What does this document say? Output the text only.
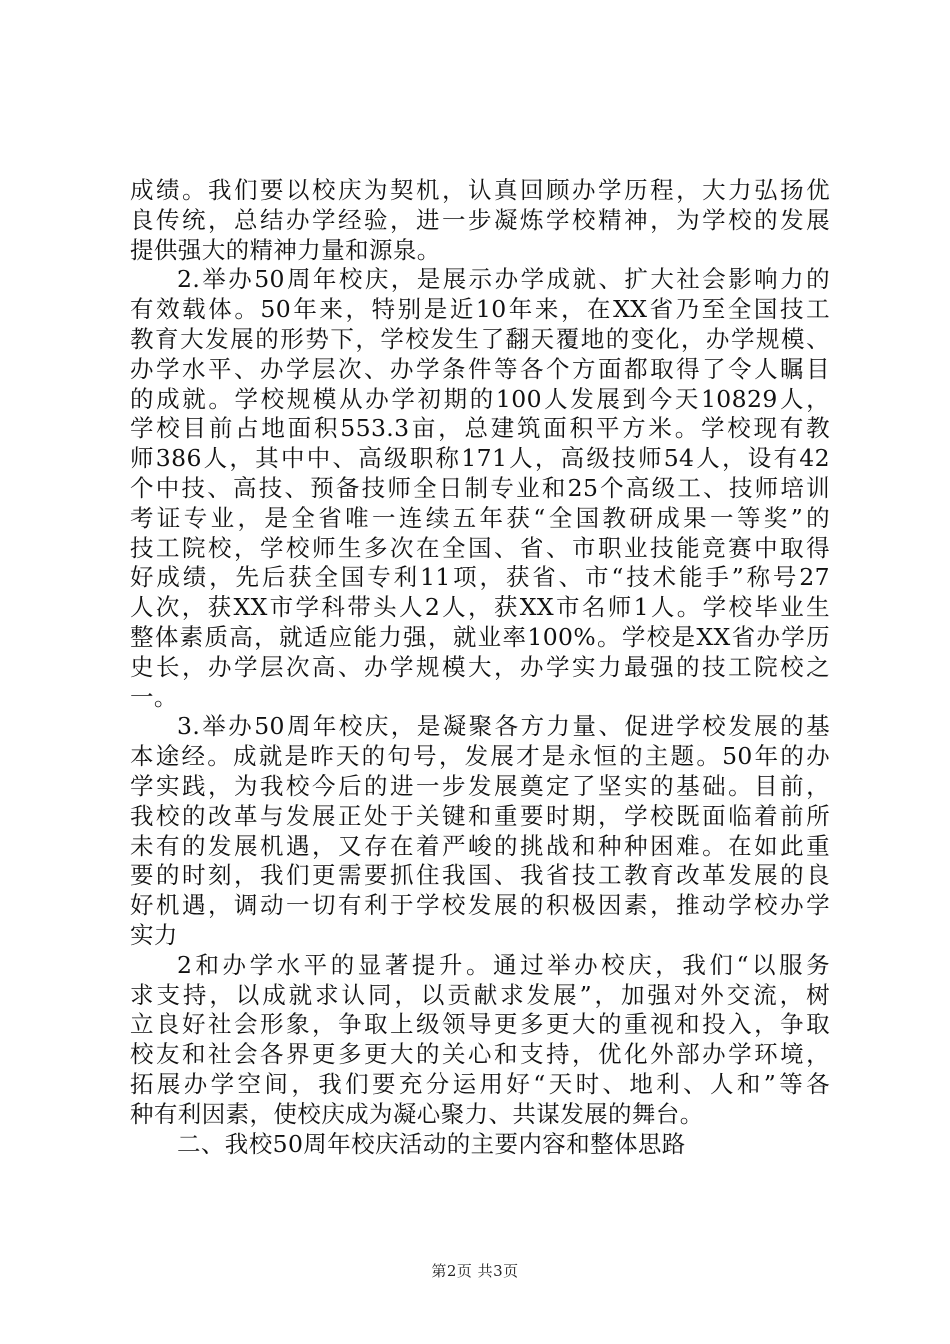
成绩。我们要以校庆为契机，认真回顾办学历程，大力弘扬优
良传统，总结办学经验，进一步凝炼学校精神，为学校的发展
提供强大的精神力量和源泉。
2.举办50周年校庆，是展示办学成就、扩大社会影响力的
有效载体。50年来，特别是近10年来，在XX省乃至全国技工
教育大发展的形势下，学校发生了翻天覆地的变化，办学规模、
办学水平、办学层次、办学条件等各个方面都取得了令人瞩目
的成就。学校规模从办学初期的100人发展到今天10829人，
学校目前占地面积553.3亩，总建筑面积平方米。学校现有教
师386人，其中中、高级职称171人，高级技师54人，设有42
个中技、高技、预备技师全日制专业和25个高级工、技师培训
考证专业，是全省唯一连续五年获“全国教研成果一等奖”的
技工院校，学校师生多次在全国、省、市职业技能竞赛中取得
好成绩，先后获全国专利11项，获省、市“技术能手”称号27
人次，获XX市学科带头人2人，获XX市名师1人。学校毕业生
整体素质高，就适应能力强，就业率100%。学校是XX省办学历
史长，办学层次高、办学规模大，办学实力最强的技工院校之
一。
3.举办50周年校庆，是凝聚各方力量、促进学校发展的基
本途经。成就是昨天的句号，发展才是永恒的主题。50年的办
学实践，为我校今后的进一步发展奠定了坚实的基础。目前，
我校的改革与发展正处于关键和重要时期，学校既面临着前所
未有的发展机遇，又存在着严峻的挑战和种种困难。在如此重
要的时刻，我们更需要抓住我国、我省技工教育改革发展的良
好机遇，调动一切有利于学校发展的积极因素，推动学校办学
实力
2和办学水平的显著提升。通过举办校庆，我们“以服务
求支持，以成就求认同，以贡献求发展”，加强对外交流，树
立良好社会形象，争取上级领导更多更大的重视和投入，争取
校友和社会各界更多更大的关心和支持，优化外部办学环境，
拓展办学空间，我们要充分运用好“天时、地利、人和”等各
种有利因素，使校庆成为凝心聚力、共谋发展的舞台。
二、我校50周年校庆活动的主要内容和整体思路
第2页 共3页
